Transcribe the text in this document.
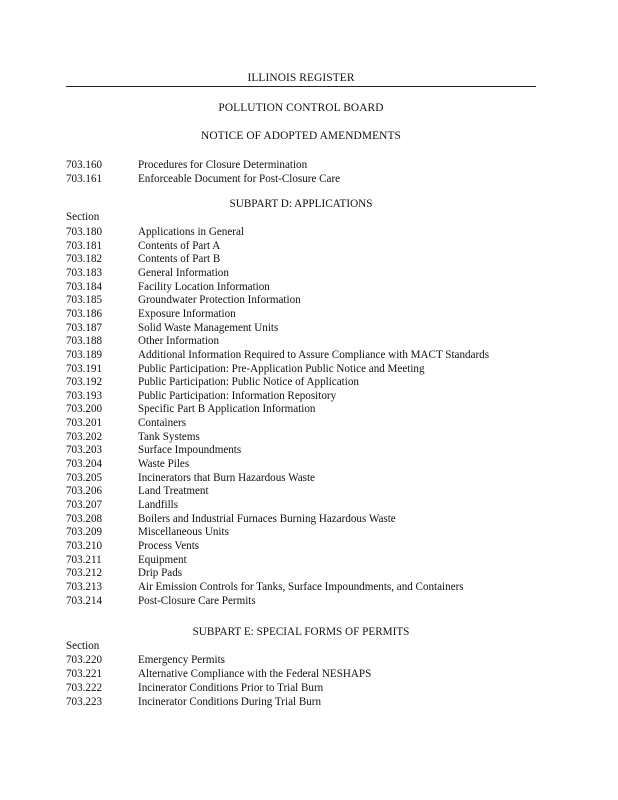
ILLINOIS REGISTER
POLLUTION CONTROL BOARD
NOTICE OF ADOPTED AMENDMENTS
703.160	Procedures for Closure Determination
703.161	Enforceable Document for Post-Closure Care
SUBPART D: APPLICATIONS
Section
703.180	Applications in General
703.181	Contents of Part A
703.182	Contents of Part B
703.183	General Information
703.184	Facility Location Information
703.185	Groundwater Protection Information
703.186	Exposure Information
703.187	Solid Waste Management Units
703.188	Other Information
703.189	Additional Information Required to Assure Compliance with MACT Standards
703.191	Public Participation: Pre-Application Public Notice and Meeting
703.192	Public Participation: Public Notice of Application
703.193	Public Participation: Information Repository
703.200	Specific Part B Application Information
703.201	Containers
703.202	Tank Systems
703.203	Surface Impoundments
703.204	Waste Piles
703.205	Incinerators that Burn Hazardous Waste
703.206	Land Treatment
703.207	Landfills
703.208	Boilers and Industrial Furnaces Burning Hazardous Waste
703.209	Miscellaneous Units
703.210	Process Vents
703.211	Equipment
703.212	Drip Pads
703.213	Air Emission Controls for Tanks, Surface Impoundments, and Containers
703.214	Post-Closure Care Permits
SUBPART E: SPECIAL FORMS OF PERMITS
Section
703.220	Emergency Permits
703.221	Alternative Compliance with the Federal NESHAPS
703.222	Incinerator Conditions Prior to Trial Burn
703.223	Incinerator Conditions During Trial Burn
